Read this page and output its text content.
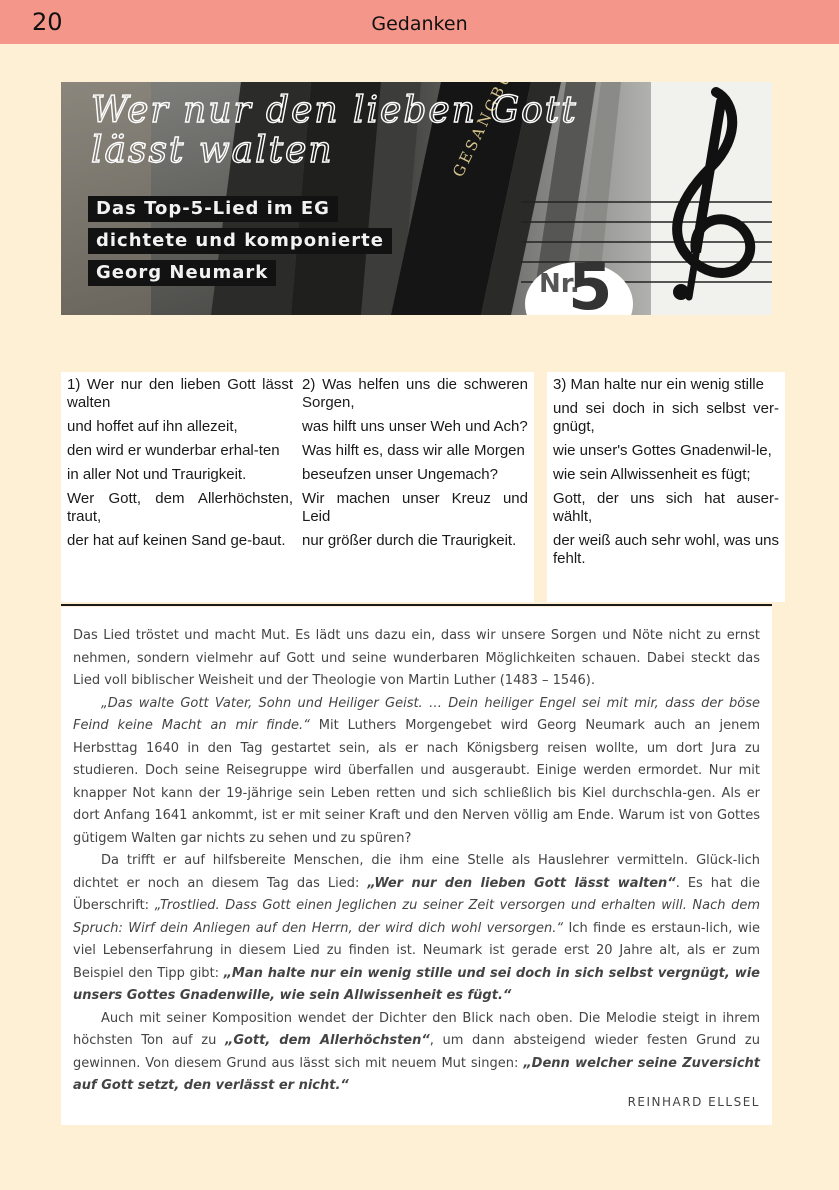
20	Gedanken
Wer nur den lieben Gott
lässt walten
Das Top-5-Lied im EG
dichtete und komponierte
Georg Neumark	Nr.
5

1) Wer nur den lieben Gott lässt walten

und hoffet auf ihn allezeit,

den wird er wunderbar erhal-ten

in aller Not und Traurigkeit.

Wer Gott, dem Allerhöchsten, traut,

der hat auf keinen Sand ge-baut.

2) Was helfen uns die schweren Sorgen,

was hilft uns unser Weh und Ach?

Was hilft es, dass wir alle Morgen

beseufzen unser Ungemach?

Wir machen unser Kreuz und Leid

nur größer durch die Traurigkeit.

3) Man halte nur ein wenig stille

und sei doch in sich selbst ver-gnügt,

wie unser's Gottes Gnadenwil-le,

wie sein Allwissenheit es fügt;

Gott, der uns sich hat auser-wählt,

der weiß auch sehr wohl, was uns fehlt.

Das Lied tröstet und macht Mut. Es lädt uns dazu ein, dass wir unsere Sorgen und Nöte nicht zu ernst nehmen, sondern vielmehr auf Gott und seine wunderbaren Möglichkeiten schauen. Dabei steckt das Lied voll biblischer Weisheit und der Theologie von Martin Luther (1483 – 1546).

„Das walte Gott Vater, Sohn und Heiliger Geist. … Dein heiliger Engel sei mit mir, dass der böse Feind keine Macht an mir finde.“ Mit Luthers Morgengebet wird Georg Neumark auch an jenem Herbsttag 1640 in den Tag gestartet sein, als er nach Königsberg reisen wollte, um dort Jura zu studieren. Doch seine Reisegruppe wird überfallen und ausgeraubt. Einige werden ermordet. Nur mit knapper Not kann der 19-jährige sein Leben retten und sich schließlich bis Kiel durchschla-gen. Als er dort Anfang 1641 ankommt, ist er mit seiner Kraft und den Nerven völlig am Ende. Warum ist von Gottes gütigem Walten gar nichts zu sehen und zu spüren?

Da trifft er auf hilfsbereite Menschen, die ihm eine Stelle als Hauslehrer vermitteln. Glück-lich dichtet er noch an diesem Tag das Lied: „Wer nur den lieben Gott lässt walten“. Es hat die Überschrift: „Trostlied. Dass Gott einen Jeglichen zu seiner Zeit versorgen und erhalten will. Nach dem Spruch: Wirf dein Anliegen auf den Herrn, der wird dich wohl versorgen.“ Ich finde es erstaun-lich, wie viel Lebenserfahrung in diesem Lied zu finden ist. Neumark ist gerade erst 20 Jahre alt, als er zum Beispiel den Tipp gibt: „Man halte nur ein wenig stille und sei doch in sich selbst vergnügt, wie unsers Gottes Gnadenwille, wie sein Allwissenheit es fügt.“

Auch mit seiner Komposition wendet der Dichter den Blick nach oben. Die Melodie steigt in ihrem höchsten Ton auf zu „Gott, dem Allerhöchsten“, um dann absteigend wieder festen Grund zu gewinnen. Von diesem Grund aus lässt sich mit neuem Mut singen: „Denn welcher seine Zuversicht auf Gott setzt, den verlässt er nicht.“

REINHARD ELLSEL
